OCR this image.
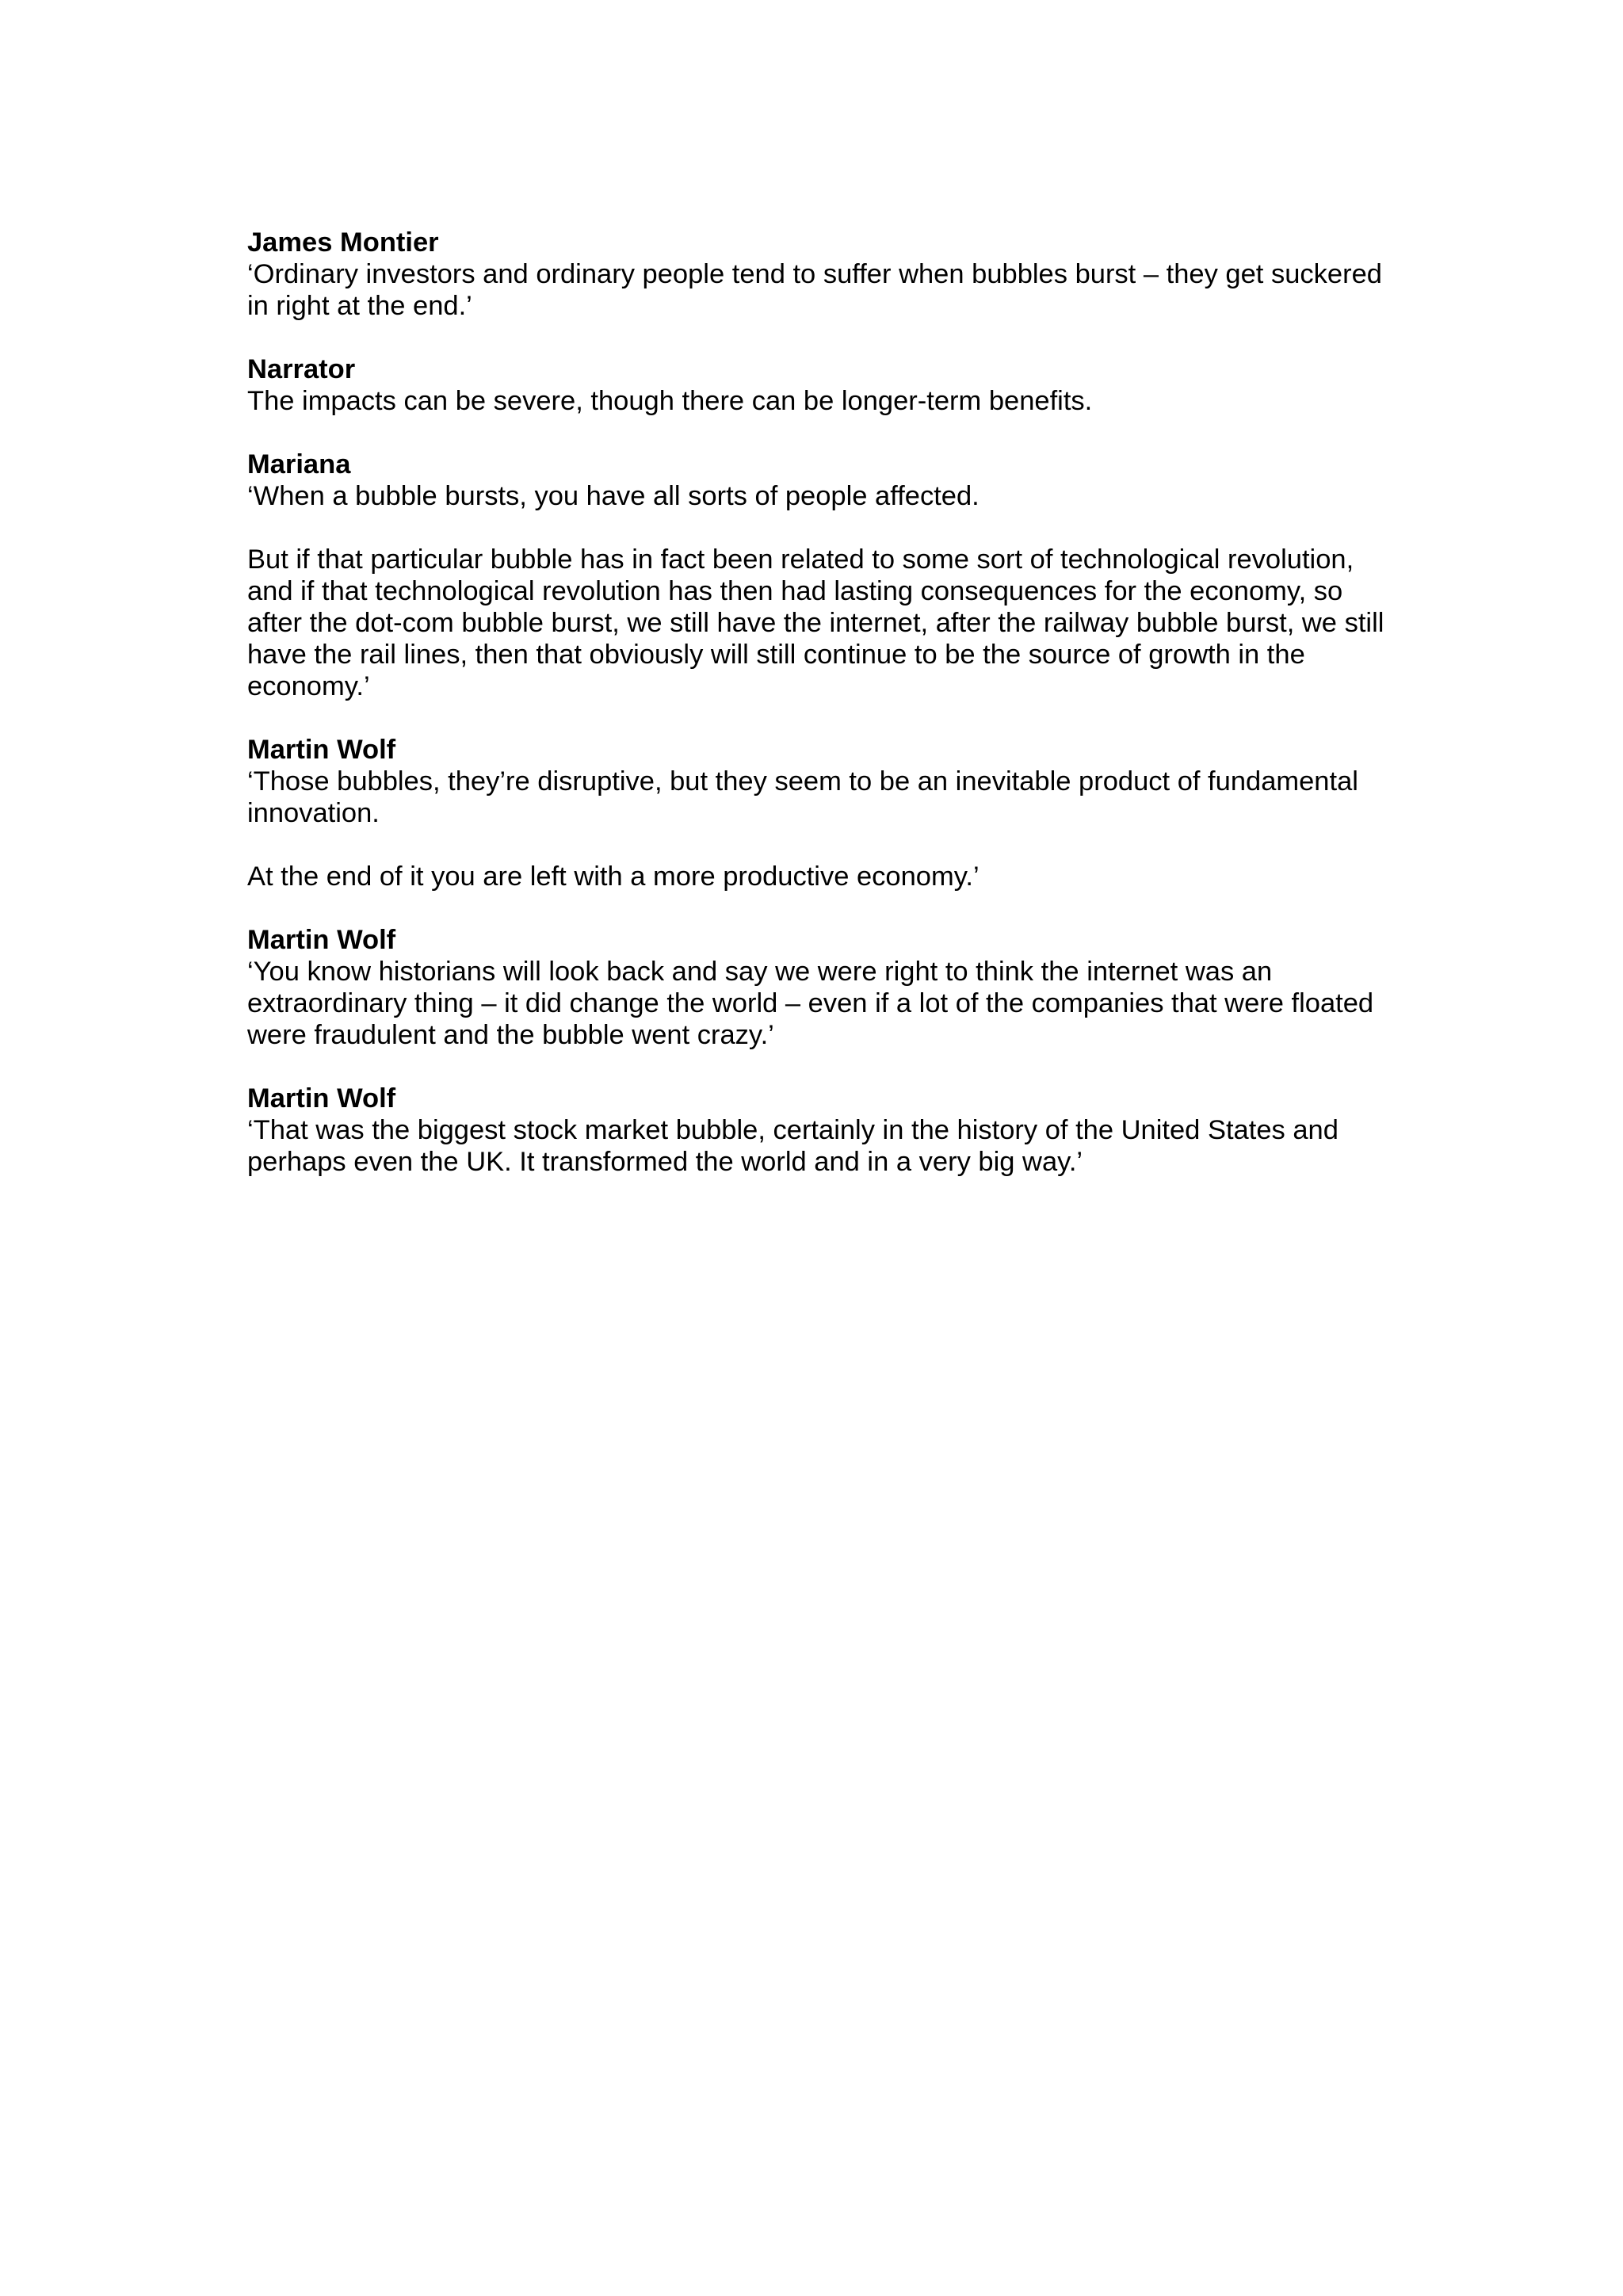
James Montier
‘Ordinary investors and ordinary people tend to suffer when bubbles burst – they get suckered in right at the end.’
Narrator
The impacts can be severe, though there can be longer-term benefits.
Mariana
‘When a bubble bursts, you have all sorts of people affected.
But if that particular bubble has in fact been related to some sort of technological revolution, and if that technological revolution has then had lasting consequences for the economy, so after the dot-com bubble burst, we still have the internet, after the railway bubble burst, we still have the rail lines, then that obviously will still continue to be the source of growth in the economy.’
Martin Wolf
‘Those bubbles, they’re disruptive, but they seem to be an inevitable product of fundamental innovation.
At the end of it you are left with a more productive economy.’
Martin Wolf
‘You know historians will look back and say we were right to think the internet was an extraordinary thing – it did change the world – even if a lot of the companies that were floated were fraudulent and the bubble went crazy.’
Martin Wolf
‘That was the biggest stock market bubble, certainly in the history of the United States and perhaps even the UK. It transformed the world and in a very big way.’
